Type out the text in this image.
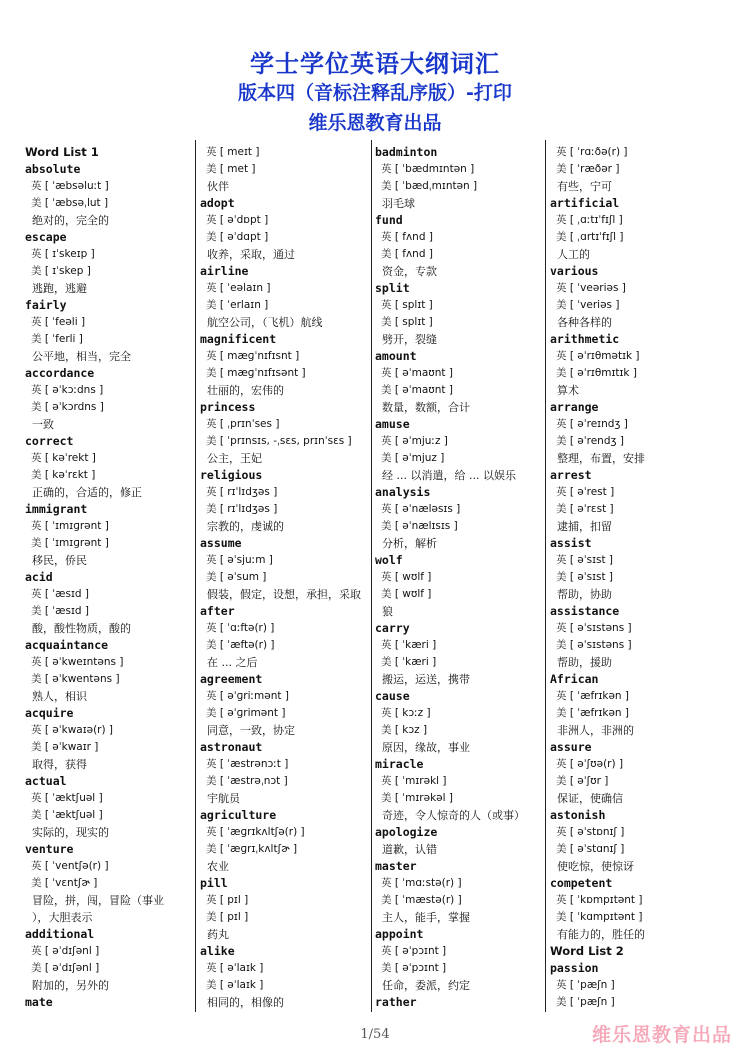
学士学位英语大纲词汇
版本四（音标注释乱序版）-打印
维乐恩教育出品
Word List 1
absolute
英 [ ˈæbsəluːt ]
美 [ ˈæbsəˌlut ]
绝对的，完全的
escape
英 [ ɪˈskeɪp ]
美 [ ɪˈskep ]
逃跑，逃避
fairly
英 [ ˈfeəli ]
美 [ ˈferli ]
公平地，相当，完全
accordance
英 [ əˈkɔːdns ]
美 [ əˈkɔrdns ]
一致
correct
英 [ kəˈrekt ]
美 [ kəˈrɛkt ]
正确的，合适的，修正
immigrant
英 [ ˈɪmɪɡrənt ]
美 [ ˈɪmɪɡrənt ]
移民，侨民
acid
英 [ ˈæsɪd ]
美 [ ˈæsɪd ]
酸，酸性物质，酸的
acquaintance
英 [ əˈkweɪntəns ]
美 [ əˈkwentəns ]
熟人，相识
acquire
英 [ əˈkwaɪə(r) ]
美 [ əˈkwaɪr ]
取得，获得
actual
英 [ ˈæktʃuəl ]
美 [ ˈæktʃuəl ]
实际的，现实的
venture
英 [ ˈventʃə(r) ]
美 [ ˈvɛntʃɚ ]
冒险，拼，闯，冒险（事业
），大胆表示
additional
英 [ əˈdɪʃənl ]
美 [ əˈdɪʃənl ]
附加的，另外的
mate
英 [ meɪt ]
美 [ met ]
伙伴
adopt
英 [ əˈdɒpt ]
美 [ əˈdɑpt ]
收养，采取，通过
airline
英 [ ˈeəlaɪn ]
美 [ ˈerlaɪn ]
航空公司，（飞机）航线
magnificent
英 [ mæɡˈnɪfɪsnt ]
美 [ mæɡˈnɪfɪsənt ]
壮丽的，宏伟的
princess
英 [ ˌprɪnˈses ]
美 [ ˈprɪnsɪs, -ˌsɛs, prɪnˈsɛs ]
公主，王妃
religious
英 [ rɪˈlɪdʒəs ]
美 [ rɪˈlɪdʒəs ]
宗教的，虔诚的
assume
英 [ əˈsjuːm ]
美 [ əˈsum ]
假装，假定，设想，承担，采取
after
英 [ ˈɑːftə(r) ]
美 [ ˈæftə(r) ]
在 ... 之后
agreement
英 [ əˈɡriːmənt ]
美 [ əˈɡrimənt ]
同意，一致，协定
astronaut
英 [ ˈæstrənɔːt ]
美 [ ˈæstrəˌnɔt ]
宇航员
agriculture
英 [ ˈæɡrɪkʌltʃə(r) ]
美 [ ˈæɡrɪˌkʌltʃɚ ]
农业
pill
英 [ pɪl ]
美 [ pɪl ]
药丸
alike
英 [ əˈlaɪk ]
美 [ əˈlaɪk ]
相同的，相像的
badminton
英 [ ˈbædmɪntən ]
美 [ ˈbædˌmɪntən ]
羽毛球
fund
英 [ fʌnd ]
美 [ fʌnd ]
资金，专款
split
英 [ splɪt ]
美 [ splɪt ]
劈开，裂缝
amount
英 [ əˈmaʊnt ]
美 [ əˈmaʊnt ]
数量，数额，合计
amuse
英 [ əˈmjuːz ]
美 [ əˈmjuz ]
经 ... 以消遣，给 ... 以娱乐
analysis
英 [ əˈnæləsɪs ]
美 [ əˈnælɪsɪs ]
分析，解析
wolf
英 [ wʊlf ]
美 [ wʊlf ]
狼
carry
英 [ ˈkæri ]
美 [ ˈkæri ]
搬运，运送，携带
cause
英 [ kɔːz ]
美 [ kɔz ]
原因，缘故，事业
miracle
英 [ ˈmɪrəkl ]
美 [ ˈmɪrəkəl ]
奇迹，令人惊奇的人（或事）
apologize
道歉，认错
master
英 [ ˈmɑːstə(r) ]
美 [ ˈmæstə(r) ]
主人，能手，掌握
appoint
英 [ əˈpɔɪnt ]
美 [ əˈpɔɪnt ]
任命，委派，约定
rather
英 [ ˈrɑːðə(r) ]
美 [ ˈræðər ]
有些，宁可
artificial
英 [ ˌɑːtɪˈfɪʃl ]
美 [ ˌɑrtɪˈfɪʃl ]
人工的
various
英 [ ˈveəriəs ]
美 [ ˈveriəs ]
各种各样的
arithmetic
英 [ əˈrɪθmətɪk ]
美 [ əˈrɪθmɪtɪk ]
算术
arrange
英 [ əˈreɪndʒ ]
美 [ əˈrendʒ ]
整理，布置，安排
arrest
英 [ əˈrest ]
美 [ əˈrɛst ]
逮捕，扣留
assist
英 [ əˈsɪst ]
美 [ əˈsɪst ]
帮助，协助
assistance
英 [ əˈsɪstəns ]
美 [ əˈsɪstəns ]
帮助，援助
African
英 [ ˈæfrɪkən ]
美 [ ˈæfrɪkən ]
非洲人，非洲的
assure
英 [ əˈʃʊə(r) ]
美 [ əˈʃʊr ]
保证，使确信
astonish
英 [ əˈstɒnɪʃ ]
美 [ əˈstɑnɪʃ ]
使吃惊，使惊讶
competent
英 [ ˈkɒmpɪtənt ]
美 [ ˈkɑmpɪtənt ]
有能力的，胜任的
Word List 2
passion
英 [ ˈpæʃn ]
美 [ ˈpæʃn ]
1/54	维乐恩教育出品
